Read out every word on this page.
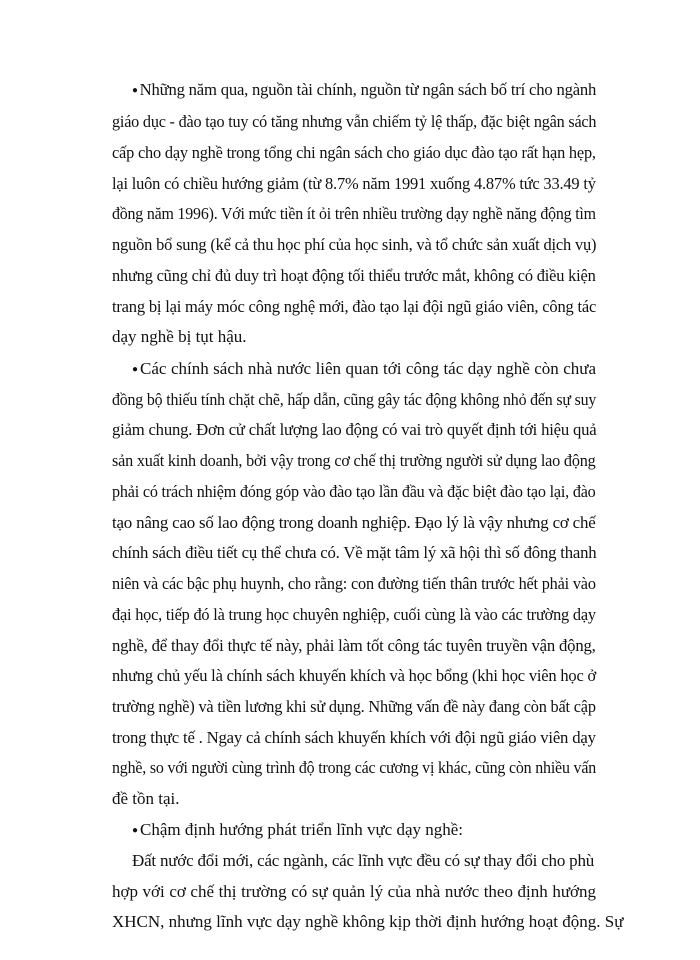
● Những năm qua, nguồn tài chính, nguồn từ ngân sách bố trí cho ngành
giáo dục - đào tạo tuy có tăng nhưng vẫn chiếm tỷ lệ thấp, đặc biệt ngân sách
cấp cho dạy nghề trong tổng chi ngân sách cho giáo dục đào tạo rất hạn hẹp,
lại luôn có chiều hướng giảm (từ 8.7% năm 1991 xuống 4.87% tức 33.49 tỷ
đồng năm 1996). Với mức tiền ít ỏi trên nhiều trường dạy nghề năng động tìm
nguồn bổ sung (kể cả thu học phí của học sinh, và tổ chức sản xuất dịch vụ)
nhưng cũng chỉ đủ duy trì hoạt động tối thiểu trước mắt, không có điều kiện
trang bị lại máy móc công nghệ mới, đào tạo lại đội ngũ giáo viên, công tác
dạy nghề bị tụt hậu.
● Các chính sách nhà nước liên quan tới công tác dạy nghề còn chưa
đồng bộ thiếu tính chặt chẽ, hấp dẫn, cũng gây tác động không nhỏ đến sự suy
giảm chung. Đơn cử chất lượng lao động có vai trò quyết định tới hiệu quả
sản xuất kinh doanh, bởi vậy trong cơ chế thị trường người sử dụng lao động
phải có trách nhiệm đóng góp vào đào tạo lần đầu và đặc biệt đào tạo lại, đào
tạo nâng cao số lao động trong doanh nghiệp. Đạo lý là vậy nhưng cơ chế
chính sách điều tiết cụ thể chưa có. Về mặt tâm lý xã hội thì số đông thanh
niên và các bậc phụ huynh, cho rằng: con đường tiến thân trước hết phải vào
đại học, tiếp đó là trung học chuyên nghiệp, cuối cùng là vào các trường dạy
nghề, để thay đổi thực tế này, phải làm tốt công tác tuyên truyền vận động,
nhưng chủ yếu là chính sách khuyến khích và học bổng (khi học viên học ở
trường nghề) và tiền lương khi sử dụng. Những vấn đề này đang còn bất cập
trong thực tế . Ngay cả chính sách khuyến khích với đội ngũ giáo viên dạy
nghề, so với người cùng trình độ trong các cương vị khác, cũng còn nhiều vấn
đề tồn tại.
● Chậm định hướng phát triển lĩnh vực dạy nghề:
Đất nước đổi mới, các ngành, các lĩnh vực đều có sự thay đổi cho phù
hợp với cơ chế thị trường có sự quản lý của nhà nước theo định hướng
XHCN, nhưng lĩnh vực dạy nghề không kịp thời định hướng hoạt động. Sự
